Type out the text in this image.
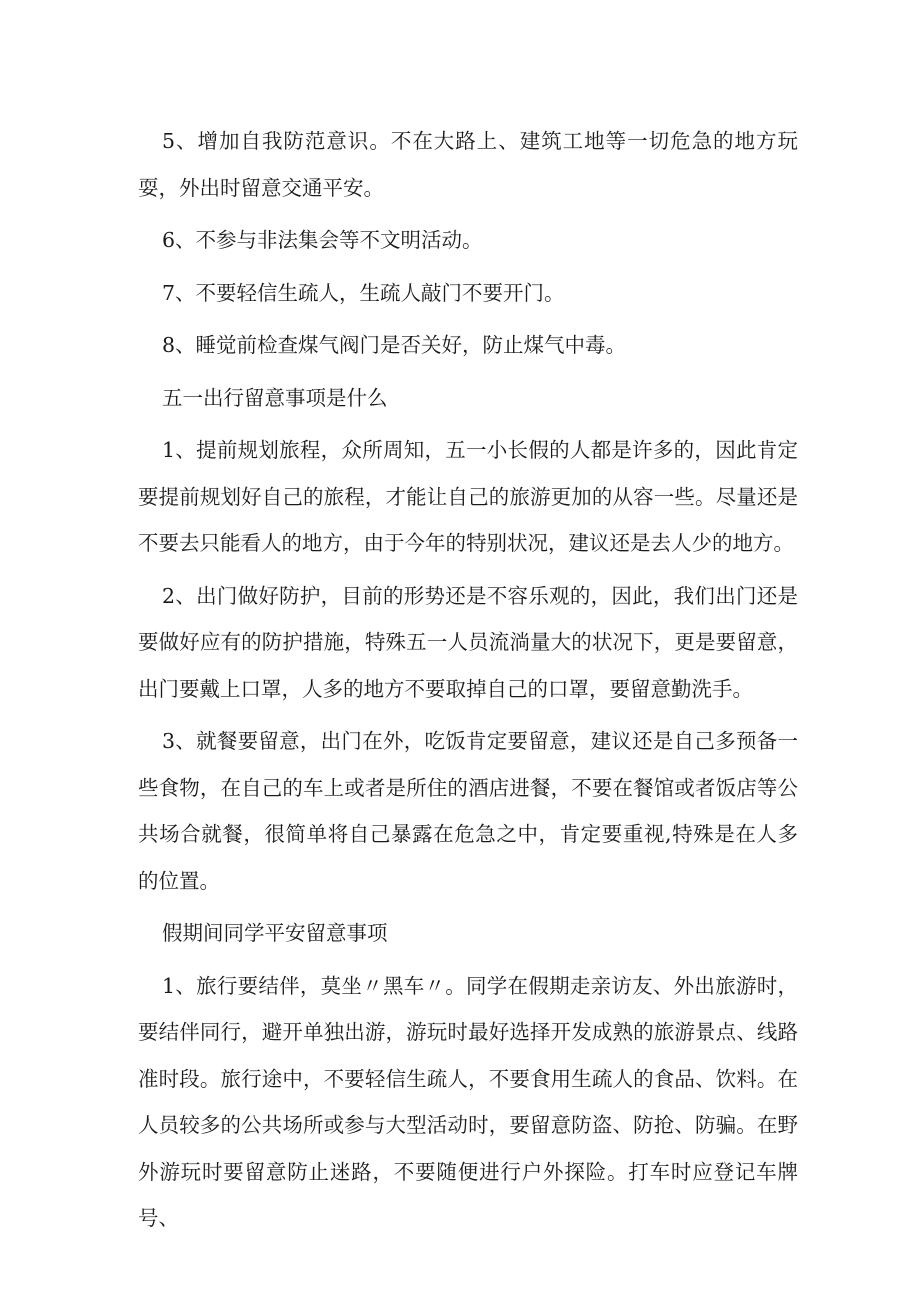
5、增加自我防范意识。不在大路上、建筑工地等一切危急的地方玩耍，外出时留意交通平安。

6、不参与非法集会等不文明活动。

7、不要轻信生疏人，生疏人敲门不要开门。

8、睡觉前检查煤气阀门是否关好，防止煤气中毒。

五一出行留意事项是什么

1、提前规划旅程，众所周知，五一小长假的人都是许多的，因此肯定要提前规划好自己的旅程，才能让自己的旅游更加的从容一些。尽量还是不要去只能看人的地方，由于今年的特别状况，建议还是去人少的地方。

2、出门做好防护，目前的形势还是不容乐观的，因此，我们出门还是要做好应有的防护措施，特殊五一人员流淌量大的状况下，更是要留意，出门要戴上口罩，人多的地方不要取掉自己的口罩，要留意勤洗手。

3、就餐要留意，出门在外，吃饭肯定要留意，建议还是自己多预备一些食物，在自己的车上或者是所住的酒店进餐，不要在餐馆或者饭店等公共场合就餐，很简单将自己暴露在危急之中，肯定要重视,特殊是在人多的位置。

假期间同学平安留意事项

1、旅行要结伴，莫坐〃黑车〃。同学在假期走亲访友、外出旅游时，要结伴同行，避开单独出游，游玩时最好选择开发成熟的旅游景点、线路准时段。旅行途中，不要轻信生疏人，不要食用生疏人的食品、饮料。在人员较多的公共场所或参与大型活动时，要留意防盗、防抢、防骗。在野外游玩时要留意防止迷路，不要随便进行户外探险。打车时应登记车牌号、
